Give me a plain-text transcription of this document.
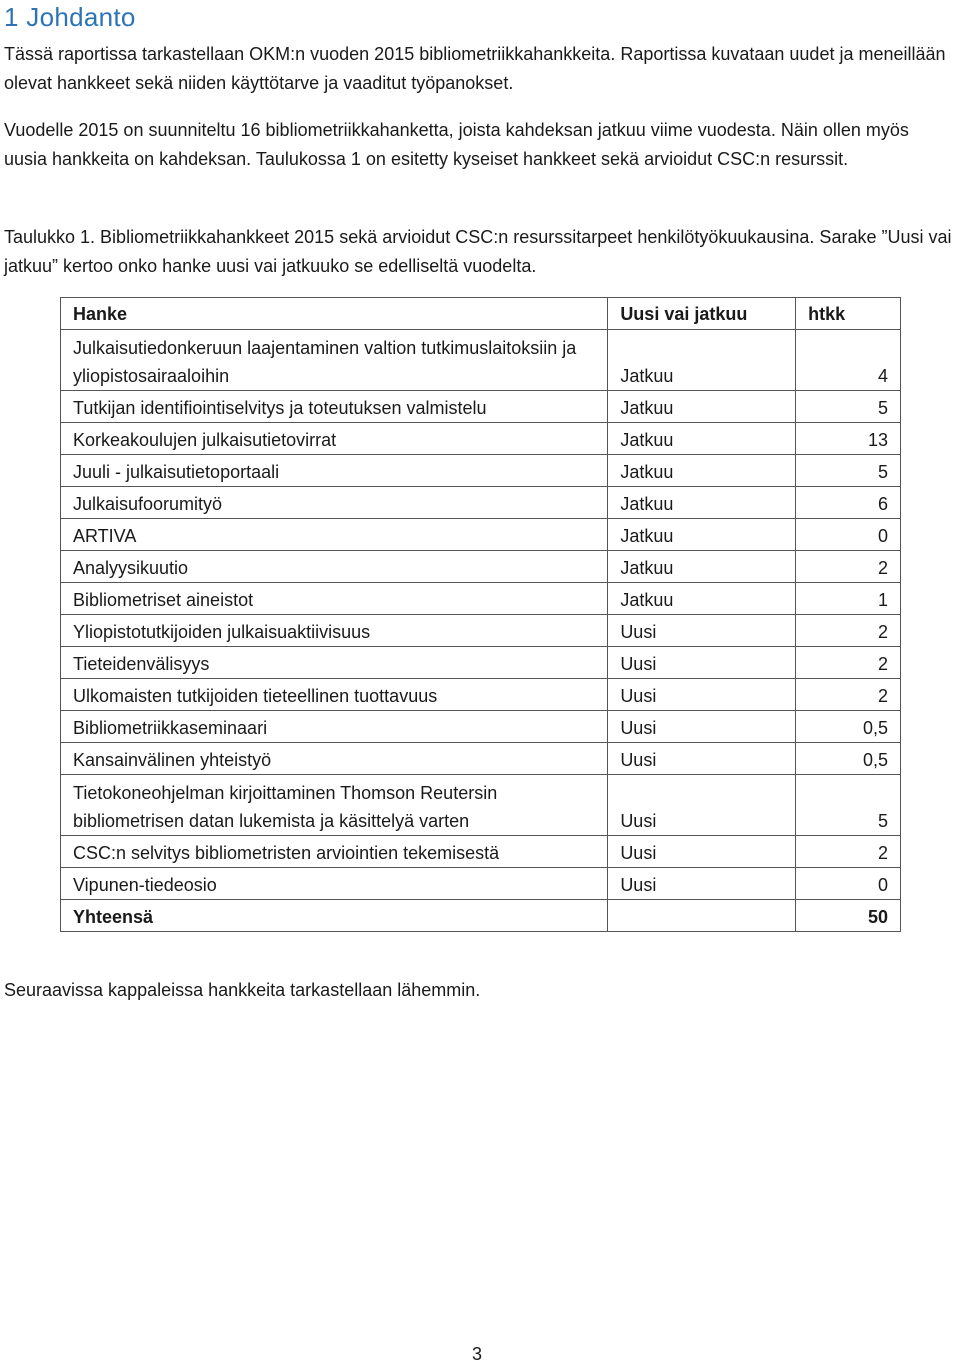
1 Johdanto

Tässä raportissa tarkastellaan OKM:n vuoden 2015 bibliometriikkahankkeita. Raportissa kuvataan uudet ja meneillään olevat hankkeet sekä niiden käyttötarve ja vaaditut työpanokset.

Vuodelle 2015 on suunniteltu 16 bibliometriikkahanketta, joista kahdeksan jatkuu viime vuodesta. Näin ollen myös uusia hankkeita on kahdeksan. Taulukossa 1 on esitetty kyseiset hankkeet sekä arvioidut CSC:n resurssit.

Taulukko 1. Bibliometriikkahankkeet 2015 sekä arvioidut CSC:n resurssitarpeet henkilötyökuukausina. Sarake ”Uusi vai jatkuu” kertoo onko hanke uusi vai jatkuuko se edelliseltä vuodelta.

Hanke	Uusi vai jatkuu	htkk
Julkaisutiedonkeruun laajentaminen valtion tutkimuslaitoksiin ja yliopistosairaaloihin	Jatkuu	4
Tutkijan identifiointiselvitys ja toteutuksen valmistelu	Jatkuu	5
Korkeakoulujen julkaisutietovirrat	Jatkuu	13
Juuli - julkaisutietoportaali	Jatkuu	5
Julkaisufoorumityö	Jatkuu	6
ARTIVA	Jatkuu	0
Analyysikuutio	Jatkuu	2
Bibliometriset aineistot	Jatkuu	1
Yliopistotutkijoiden julkaisuaktiivisuus	Uusi	2
Tieteidenvälisyys	Uusi	2
Ulkomaisten tutkijoiden tieteellinen tuottavuus	Uusi	2
Bibliometriikkaseminaari	Uusi	0,5
Kansainvälinen yhteistyö	Uusi	0,5
Tietokoneohjelman kirjoittaminen Thomson Reutersin bibliometrisen datan lukemista ja käsittelyä varten	Uusi	5
CSC:n selvitys bibliometristen arviointien tekemisestä	Uusi	2
Vipunen-tiedeosio	Uusi	0
Yhteensä		50

Seuraavissa kappaleissa hankkeita tarkastellaan lähemmin.

3
